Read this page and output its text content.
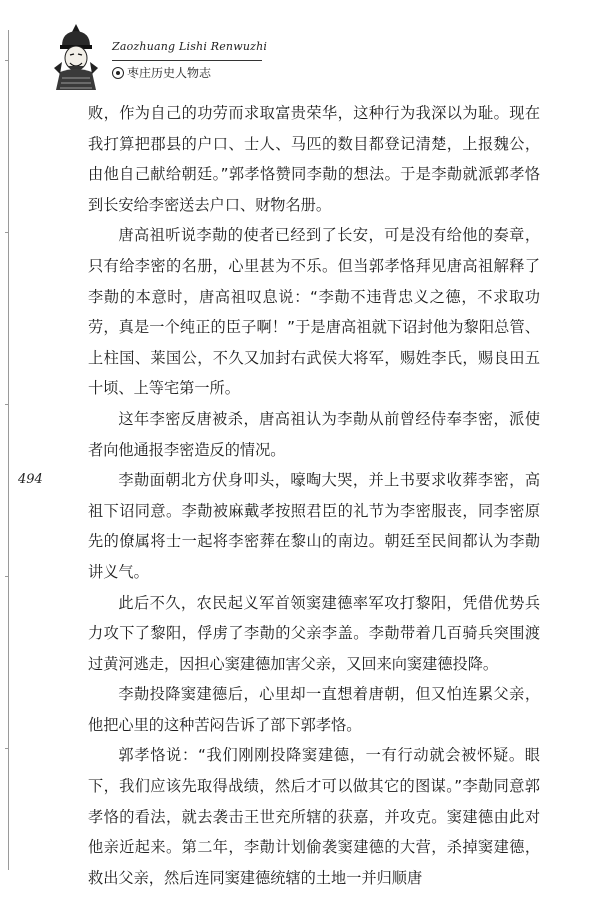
Zaozhuang Lishi Renwuzhi
枣庄历史人物志
494

败，作为自己的功劳而求取富贵荣华，这种行为我深以为耻。现在我打算把郡县的户口、士人、马匹的数目都登记清楚，上报魏公，由他自己献给朝廷。”郭孝恪赞同李勣的想法。于是李勣就派郭孝恪到长安给李密送去户口、财物名册。

唐高祖听说李勣的使者已经到了长安，可是没有给他的奏章，只有给李密的名册，心里甚为不乐。但当郭孝恪拜见唐高祖解释了李勣的本意时，唐高祖叹息说：“李勣不违背忠义之德，不求取功劳，真是一个纯正的臣子啊！”于是唐高祖就下诏封他为黎阳总管、上柱国、莱国公，不久又加封右武侯大将军，赐姓李氏，赐良田五十顷、上等宅第一所。

这年李密反唐被杀，唐高祖认为李勣从前曾经侍奉李密，派使者向他通报李密造反的情况。

李勣面朝北方伏身叩头，嚎啕大哭，并上书要求收葬李密，高祖下诏同意。李勣被麻戴孝按照君臣的礼节为李密服丧，同李密原先的僚属将士一起将李密葬在黎山的南边。朝廷至民间都认为李勣讲义气。

此后不久，农民起义军首领窦建德率军攻打黎阳，凭借优势兵力攻下了黎阳，俘虏了李勣的父亲李盖。李勣带着几百骑兵突围渡过黄河逃走，因担心窦建德加害父亲，又回来向窦建德投降。

李勣投降窦建德后，心里却一直想着唐朝，但又怕连累父亲，他把心里的这种苦闷告诉了部下郭孝恪。

郭孝恪说：“我们刚刚投降窦建德，一有行动就会被怀疑。眼下，我们应该先取得战绩，然后才可以做其它的图谋。”李勣同意郭孝恪的看法，就去袭击王世充所辖的获嘉，并攻克。窦建德由此对他亲近起来。第二年，李勣计划偷袭窦建德的大营，杀掉窦建德，救出父亲，然后连同窦建德统辖的土地一并归顺唐
